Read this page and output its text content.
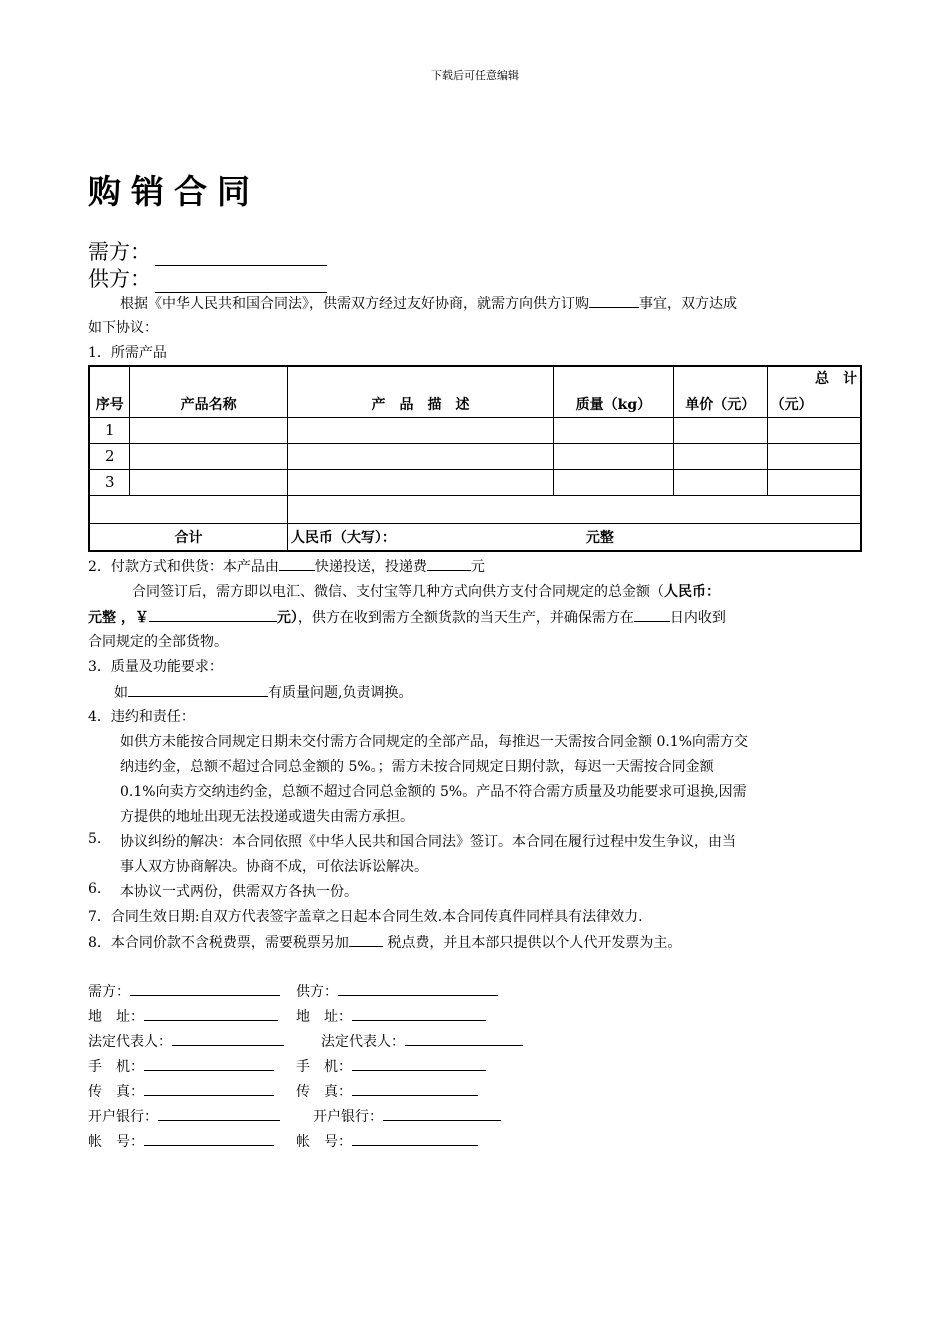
下载后可任意编辑
购销合同
需方：
供方：
根据《中华人民共和国合同法》，供需双方经过友好协商，就需方向供方订购	事宜，双方达成
如下协议：
1．所需产品
序号	产品名称	产　品　描　述	质量（kg）	单价（元）	总　计
（元）

1					
2					
3					

合计		人民币（大写）： 元整			
2．付款方式和供货：本产品由	快递投送，投递费	元
合同签订后，需方即以电汇、微信、支付宝等几种方式向供方支付合同规定的总金额（人民币：
元整 ，￥	元），供方在收到需方全额货款的当天生产，并确保需方在	日内收到
合同规定的全部货物。
3．质量及功能要求：
如	有质量问题,负责调换。
4．违约和责任：
如供方未能按合同规定日期未交付需方合同规定的全部产品，每推迟一天需按合同金额 0.1%向需方交
纳违约金，总额不超过合同总金额的 5%。；需方未按合同规定日期付款，每迟一天需按合同金额
0.1%向卖方交纳违约金，总额不超过合同总金额的 5%。产品不符合需方质量及功能要求可退换,因需
方提供的地址出现无法投递或遗失由需方承担。
5. 协议纠纷的解决：本合同依照《中华人民共和国合同法》签订。本合同在履行过程中发生争议，由当
事人双方协商解决。协商不成，可依法诉讼解决。
6. 本协议一式两份，供需双方各执一份。
7．合同生效日期:自双方代表签字盖章之日起本合同生效.本合同传真件同样具有法律效力.
8．本合同价款不含税费票，需要税票另加	税点费，并且本部只提供以个人代开发票为主。
需方：	供方：
地　址：	地　址：
法定代表人：	法定代表人：
手　机：	手　机：
传　真：	传　真：
开户银行：	开户银行：
帐　号：	帐　号：
